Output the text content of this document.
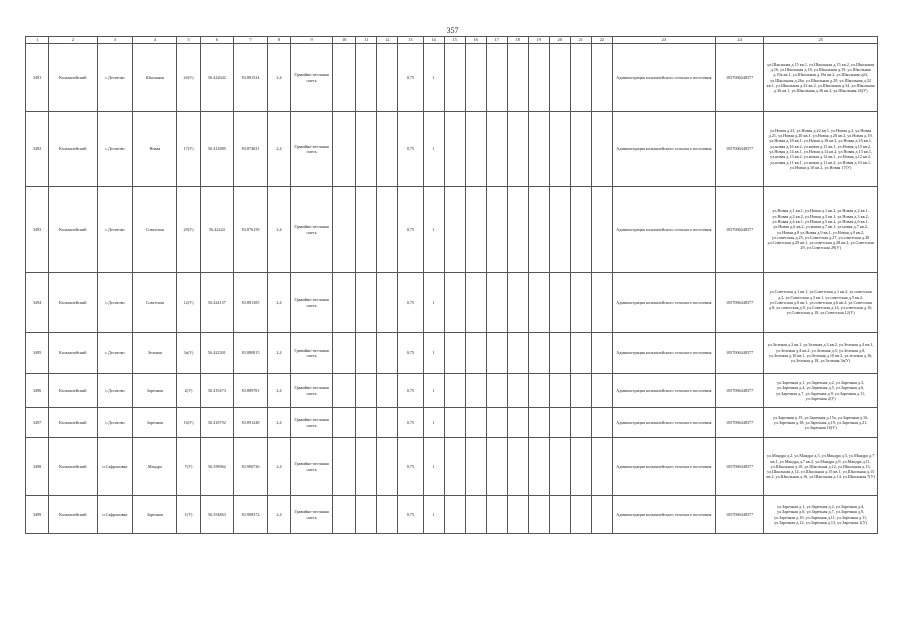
357
1	2	3	4	5	6	7	8	9	10	11	12	13	14	15	16	17	18	19	20	21	22	23	24	25
3491	Колышлейский	с.Десятово	Школьная	2б(У)	56.422642	83.881524	2,4	Гравийно-песчаная смесь				0,75	1									Администрация колышлейского сельского поселения	1057006448377	ул.Школьная д.15 кв.1, ул.Школьная д.15 кв.2, ул.Школьная д.16, ул.Школьная д.18, ул.Школьная д.19, ул.Школьная д.19а кв.1, ул.Школьная д.19а кв.2, ул.Школьная д24, ул.Школьная д.26а, ул.Школьная д.29, ул.Школьная д.32 кв.1, ул.Школьная д.32 кв.2, ул.Школьная д.34, ул.Школьная д.36 кв.1, ул.Школьная д.36 кв.2, ул.Школьная 26(У)
3492	Колышлейский	с.Десятово	Новая	17(У)	56.412885	83.874631	2,4	Гравийно-песчаная смесь				0,75	1									Администрация колышлейского сельского поселения	1057006448377	ул.Новая д.23, ул.Новая д.22 кв.1, ул.Новая д.2, ул.Новая д.21, ул.Новая д.20 кв.1, ул.Новая д.20 кв.2, ул.Новая д.19, ул.Новая д.18 кв.1, ул.Новая д.18 кв.2, ул.Новая д.16 кв.1, ул.новая д.16 кв.2, ул.новая д.15 кв.1, ул.Новая д.15 кв.2, ул.Новая д.14 кв.1, ул.Новая д.14 кв.2, ул.Новая д.13 кв.1, ул.новая д.13 кв.2, ул.новая д.12 кв.1, ул.Новая д.12 кв.2, ул.новая д.11 кв.1, ул.новая д.11 кв.2, ул.Новая д.10 кв.1, ул.Новая д.10 кв.2, ул.Новая 17(У)
3493	Колышлейский	с.Десятово	Советская	29(У)	56.42424	83.876159	2,4	Гравийно-песчаная смесь				0,75	1									Администрация колышлейского сельского поселения	1057006448377	ул.Новая д.1 кв.1, ул.Новая д.1 кв.2, ул.Новая д.2 кв.1, ул.Новая д.2 кв.2, ул.Новая д.3 кв.1, ул.Новая д.3 кв.2, ул.Новая д.4 кв.1, ул.Новая д.5 кв.2, ул.Новая д.6 кв.1, ул.Новая д.6 кв.2, ул.новая д.7 кв.1, ул.новая д.7 кв.2, ул.Новая д.8 ул.Новая д.9 кв.1, ул.Новая д.9 кв.2, ул.советская д.25, ул.Советская д.27, ул.советская д.28 ул.Советская д.29 кв.1, ул.советская д.28 кв.2, ул.Советская 29, ул.Советская 29(У)
3494	Колышлейский	с.Десятово	Советская	12(У)	56.424157	83.881385	2,4	Гравийно-песчаная смесь				0,75	1									Администрация колышлейского сельского поселения	1057006448377	ул.Советская д.1 кв.1, ул.Советская д.1 кв.2, ул.советская д.2, ул.Советская д.3 кв.1, ул.советская д.5 кв.2, ул.Советская д.6 кв.1, ул.советская д.6 кв.2, ул.Советская д.8, ул.советская д.9, ул.Советская д.14, ул.советская д.16, ул.Советская д.18, ул.Советская 12(У)
3495	Колышлейский	с.Десятово	Зеленая	3а(У)	56.422301	83.880815	2,4	Гравийно-песчаная смесь				0,75	1									Администрация колышлейского сельского поселения	1057006448377	ул.Зеленая д.3 кв.1, ул.Зеленая д.3 кв.2, ул.Зеленая д.4 кв.1, ул.Зеленая д.4 кв.2, ул.Зеленая д.5, ул.Зеленая д.8, ул.Зеленая д.10 кв.1, ул.Зеленая д.10 кв.2, ул.зеленая д.16, ул.Зеленая д.18, ул.Зеленая 3а(У)
3496	Колышлейский	с.Десятово	Заречная	2(У)	56.419473	83.889781	2,4	Гравийно-песчаная смесь				0,75	1									Администрация колышлейского сельского поселения	1057006448377	ул.Заречная д.1, ул.Заречная д.2, ул.Заречная д.3, ул.Заречная д.4, ул.Заречная д.5, ул.Заречная д.6, ул.Заречная д.7, ул.Заречная д.9, ул.Заречная д.11, ул.Заречная 2(У)
3497	Колышлейский	с.Десятово	Заречная	16(У)	56.418792	83.891248	2,4	Гравийно-песчаная смесь				0,75	1									Администрация колышлейского сельского поселения	1057006448377	ул.Заречная д.15, ул.Заречная д.15а, ул.Заречная д.16, ул.Заречная д.18, ул.Заречная д.19, ул.Заречная д.21, ул.Заречная 16(У)
3498	Колышлейский	п.Сафроновка	Мандра	7(У)	56.358962	83.906736	2,4	Гравийно-песчаная смесь				0,75	1									Администрация колышлейского сельского поселения	1057006448377	ул.Мандра д.2, ул.Мандра д.5, ул.Мандра д.5, ул.Мандра д.7 кв.1, ул.Мандра д.7 кв.2, ул.Мандра д.9, ул.Мандра д.11, ул.Школьная д.10, ул.Школьная д.12, ул.Школьная д.13, ул.Школьная д.14, ул.Школьная д.15 кв.1, ул.Школьная д.15 кв.2, ул.Школьная д.16, ул.Школьная д.14, ул.Школьная 7(У)
3499	Колышлейский	п.Сафроновка	Заречная	1(У)	56.354863	83.908372	2,4	Гравийно-песчаная смесь				0,75	1									Администрация колышлейского сельского поселения	1057006448377	ул.Заречная д.1, ул.Заречная д.2, ул.Заречная д.4, ул.Заречная д.6, ул.Заречная д.7, ул.Заречная д.9, ул.Заречная д.10, ул.Заречная д.11, ул.Заречная д.11, ул.Заречная д.12, ул.Заречная д.13, ул.Заречная 1(У)
